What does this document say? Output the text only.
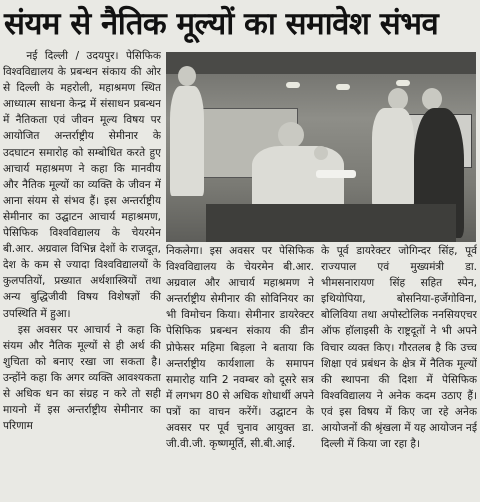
संयम से नैतिक मूल्यों का समावेश संभव

नई दिल्ली / उदयपुर। पेसिफिक विश्वविद्यालय के प्रबन्धन संकाय की ओर से दिल्ली के महरोली, महाश्रमण स्थित आध्यात्म साधना केन्द्र में संसाधन प्रबन्धन में नैतिकता एवं जीवन मूल्य विषय पर आयोजित अन्तर्राष्ट्रीय सेमीनार के उदघाटन समारोह को सम्बोधित करते हुए आचार्य महाश्रमण ने कहा कि मानवीय और नैतिक मूल्यों का व्यक्ति के जीवन में आना संयम से संभव हैं। इस अन्तर्राष्ट्रीय सेमीनार का उद्घाटन आचार्य महाश्रमण, पेसिफिक विश्वविद्यालय के चेयरमेन बी.आर. अग्रवाल विभिन्न देशों के राजदूत, देश के कम से ज्यादा विश्वविद्यालयों के कुलपतियों, प्रख्यात अर्थशास्त्रियों तथा अन्य बुद्धिजीवी विषय विशेषज्ञों की उपस्थिति में हुआ।

इस अवसर पर आचार्य ने कहा कि संयम और नैतिक मूल्यों से ही अर्थ की शुचिता को बनाए रखा जा सकता है। उन्होंने कहा कि अगर व्यक्ति आवश्यकता से अधिक धन का संग्रह न करे तो सही मायनो में इस अन्तर्राष्ट्रीय सेमीनार का परिणाम

निकलेगा। इस अवसर पर पेसिफिक विश्वविद्यालय के चेयरमेन बी.आर. अग्रवाल और आचार्य महाश्रमण ने अन्तर्राष्ट्रीय सेमीनार की सोविनियर का भी विमोचन किया। सेमीनार डायरेक्टर पेसिफिक प्रबन्धन संकाय की डीन प्रोफेसर महिमा बिड़ला ने बताया कि अन्तर्राष्ट्रीय कार्यशाला के समापन समारोह यानि 2 नवम्बर को दूसरे सत्र में लगभग 80 से अधिक शोधार्थी अपने पत्रों का वाचन करेंगें। उद्घाटन के अवसर पर पूर्व चुनाव आयुक्त डा. जी.वी.जी. कृष्णमूर्ति, सी.बी.आई.

के पूर्व डायरेक्टर जोगिन्दर सिंह, पूर्व राज्यपाल एवं मुख्यमंत्री डा. भीमसनारायण सिंह सहित स्पेन, इथियोपिया, बोसनिया-हर्जेगोविना, बोलिविया तथा अपोस्टोलिक ननसियएचर ऑफ हॉलाइसी के राष्ट्रदूतों ने भी अपने विचार व्यक्त किए। गौरतलब है कि उच्च शिक्षा एवं प्रबंधन के क्षेत्र में नैतिक मूल्यों की स्थापना की दिशा में पेसिफिक विश्वविद्यालय ने अनेक कदम उठाए हैं। एवं इस विषय में किए जा रहे अनेक आयोजनों की श्रृंखला में यह आयोजन नई दिल्ली में किया जा रहा है।
